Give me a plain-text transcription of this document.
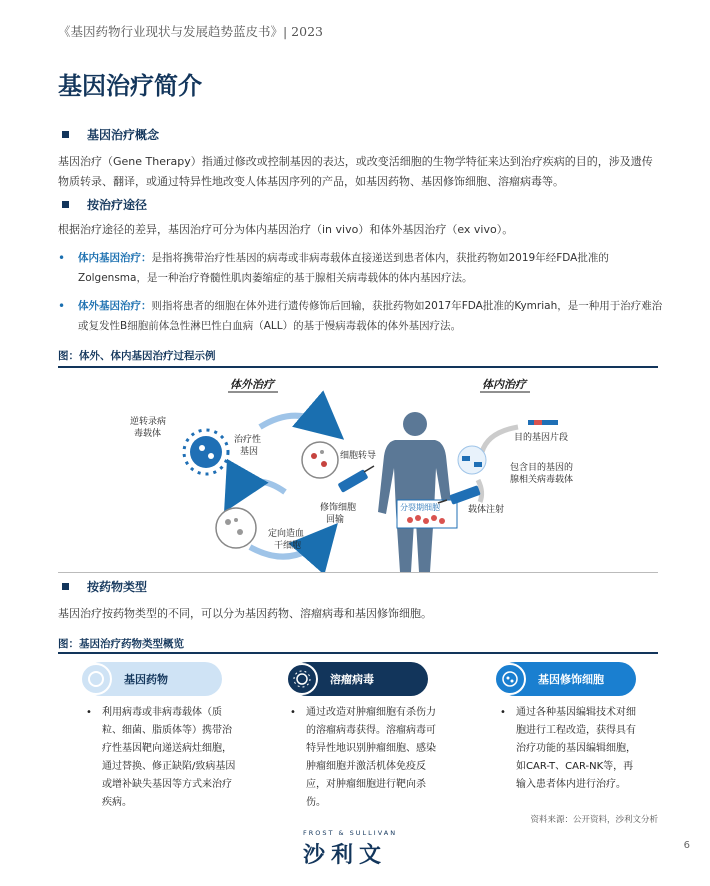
《基因药物行业现状与发展趋势蓝皮书》| 2023
基因治疗简介
基因治疗概念
基因治疗（Gene Therapy）指通过修改或控制基因的表达，或改变活细胞的生物学特征来达到治疗疾病的目的，涉及遗传物质转录、翻译，或通过特异性地改变人体基因序列的产品，如基因药物、基因修饰细胞、溶瘤病毒等。
按治疗途径
根据治疗途径的差异，基因治疗可分为体内基因治疗（in vivo）和体外基因治疗（ex vivo）。
•	体内基因治疗：是指将携带治疗性基因的病毒或非病毒载体直接递送到患者体内，获批药物如2019年经FDA批准的Zolgensma，是一种治疗脊髓性肌肉萎缩症的基于腺相关病毒载体的体内基因疗法。
•	体外基因治疗：则指将患者的细胞在体外进行遗传修饰后回输，获批药物如2017年FDA批准的Kymriah，是一种用于治疗难治或复发性B细胞前体急性淋巴性白血病（ALL）的基于慢病毒载体的体外基因疗法。
图：体外、体内基因治疗过程示例
体外治疗	体内治疗
逆转录病
毒载体
治疗性
基因	细胞转导
修饰细胞
回输
定向造血
干细胞
分裂期细胞
目的基因片段
包含目的基因的
腺相关病毒载体
载体注射
按药物类型
基因治疗按药物类型的不同，可以分为基因药物、溶瘤病毒和基因修饰细胞。
图：基因治疗药物类型概览
基因药物
•	利用病毒或非病毒载体（质粒、细菌、脂质体等）携带治疗性基因靶向递送病灶细胞，通过替换、修正缺陷/致病基因或增补缺失基因等方式来治疗疾病。
溶瘤病毒
•	通过改造对肿瘤细胞有杀伤力的溶瘤病毒获得。溶瘤病毒可特异性地识别肿瘤细胞、感染肿瘤细胞并激活机体免疫反应，对肿瘤细胞进行靶向杀伤。
基因修饰细胞
•	通过各种基因编辑技术对细胞进行工程改造，获得具有治疗功能的基因编辑细胞，如CAR-T、CAR-NK等，再输入患者体内进行治疗。
资料来源：公开资料，沙利文分析
FROST & SULLIVAN
沙利文	6
